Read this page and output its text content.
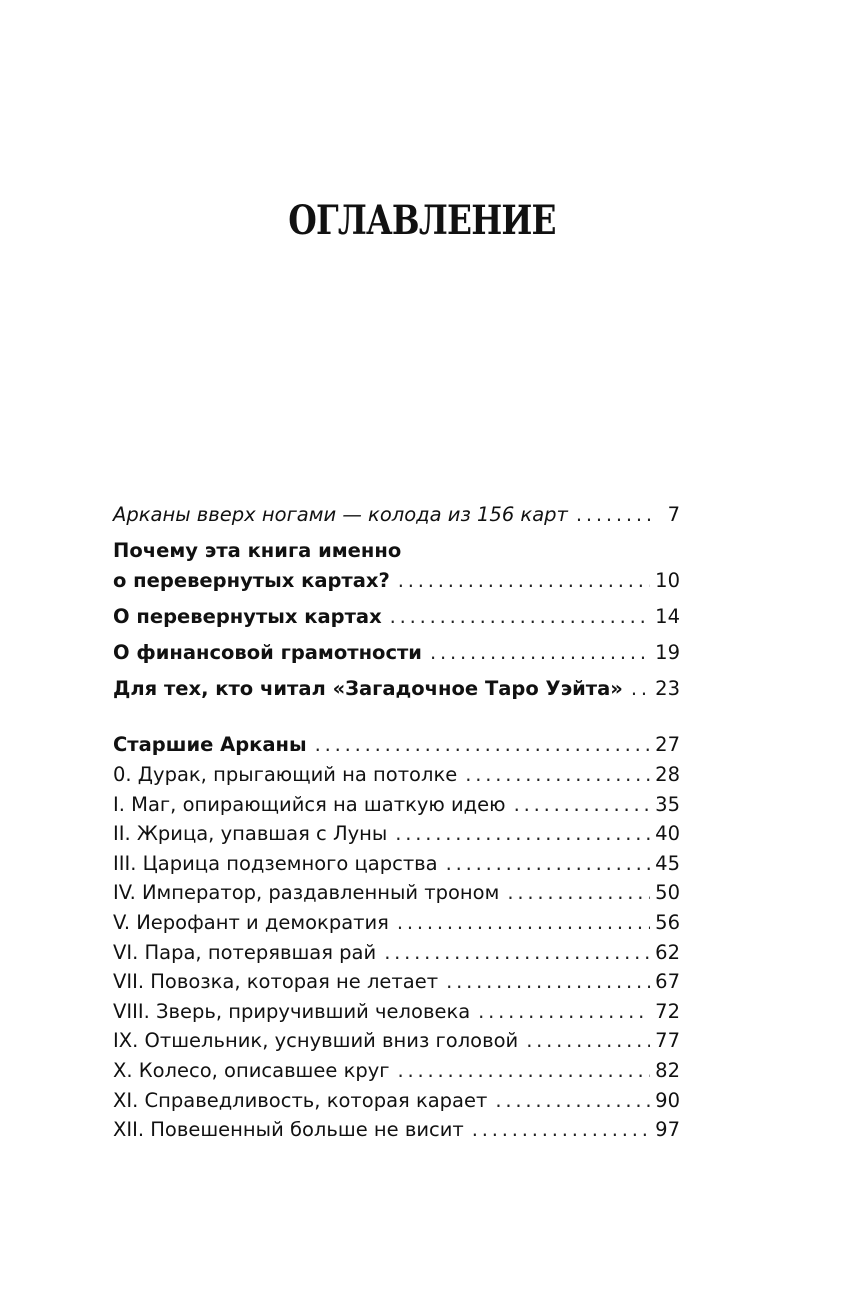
ОГЛАВЛЕНИЕ
Арканы вверх ногами — колода из 156 карт . . .	7
Почему эта книга именно
о перевернутых картах? . . .	10
О перевернутых картах . . .	14
О финансовой грамотности . . .	19
Для тех, кто читал «Загадочное Таро Уэйта» . . . 23
Старшие Арканы . . .	27
0. Дурак, прыгающий на потолке . . .	28
I. Маг, опирающийся на шаткую идею . . .	35
II. Жрица, упавшая с Луны . . .	40
III. Царица подземного царства . . .	45
IV. Император, раздавленный троном . . .	50
V. Иерофант и демократия . . .	56
VI. Пара, потерявшая рай . . .	62
VII. Повозка, которая не летает . . .	67
VIII. Зверь, приручивший человека . . .	72
IX. Отшельник, уснувший вниз головой . . .	77
X. Колесо, описавшее круг . . .	82
XI. Справедливость, которая карает . . .	90
XII. Повешенный больше не висит . . .	97
